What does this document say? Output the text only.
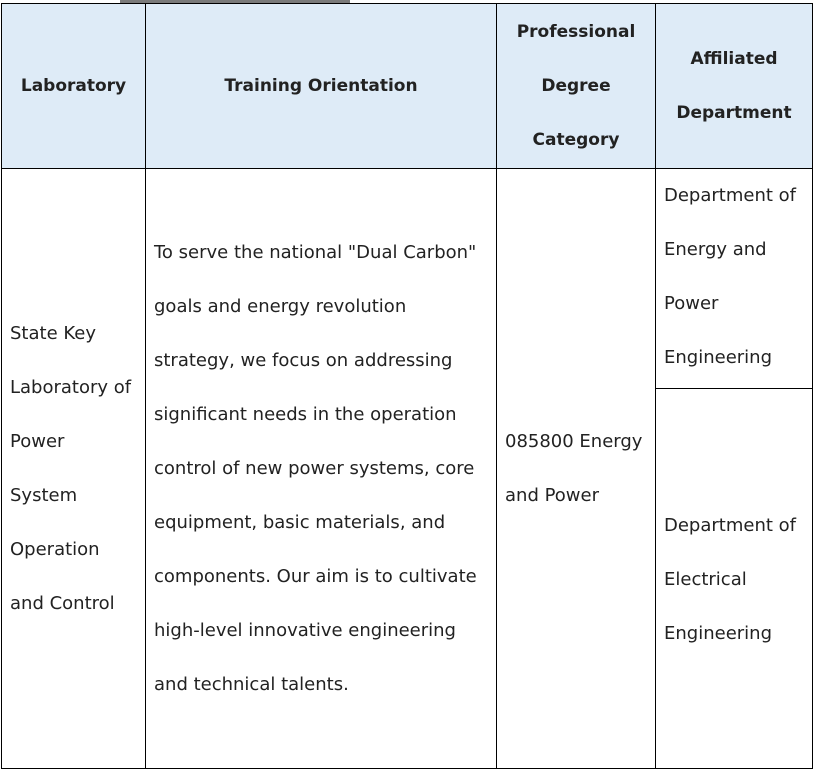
Laboratory	Training Orientation	Professional Degree Category	Affiliated Department
State Key Laboratory of Power System Operation and Control	To serve the national "Dual Carbon" goals and energy revolution strategy, we focus on addressing significant needs in the operation control of new power systems, core equipment, basic materials, and components. Our aim is to cultivate high-level innovative engineering and technical talents.	085800 Energy and Power	Department of Energy and Power Engineering
			Department of Electrical Engineering
